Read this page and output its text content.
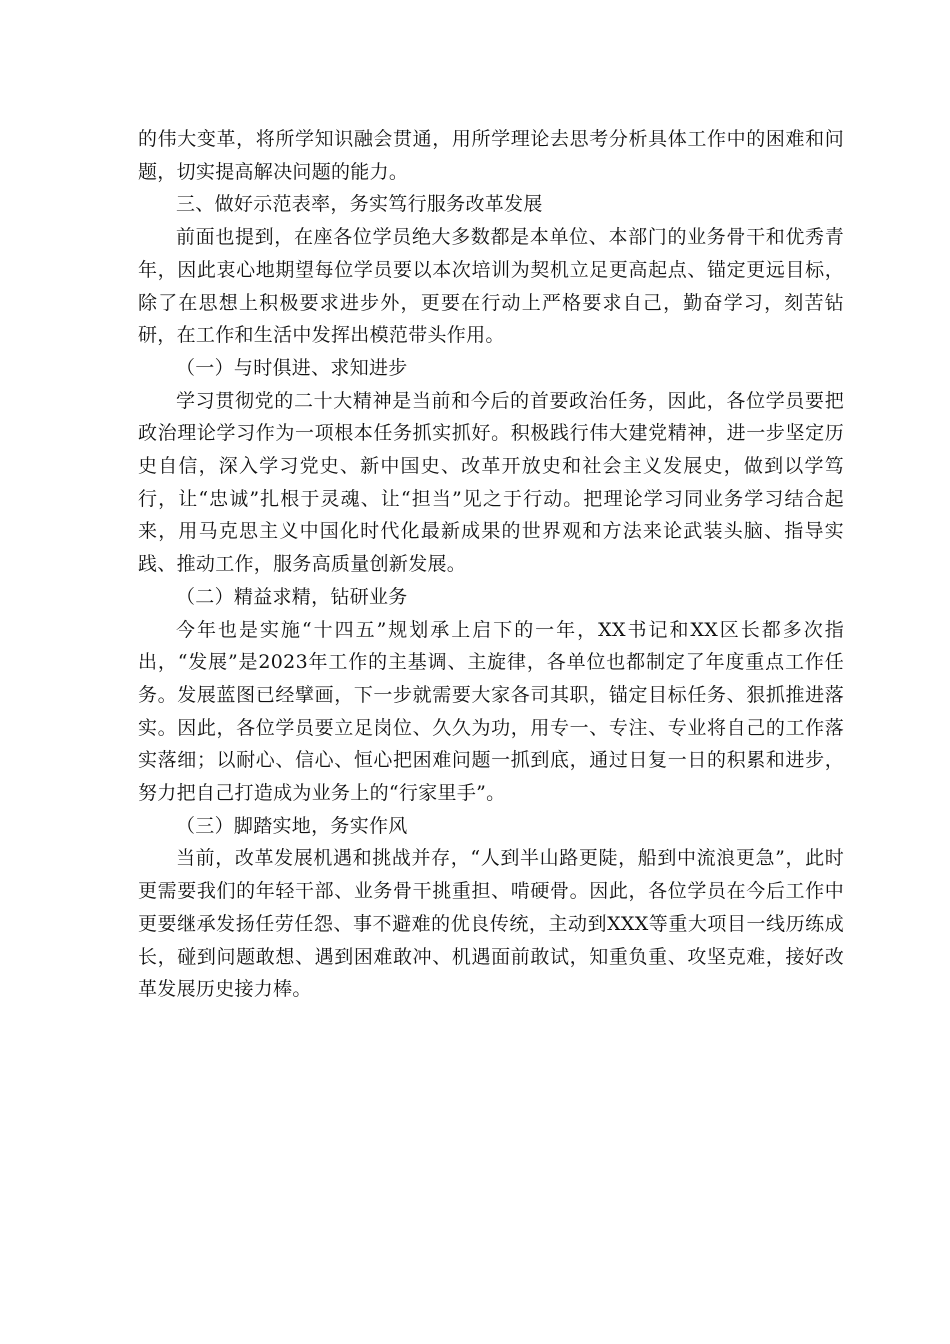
的伟大变革，将所学知识融会贯通，用所学理论去思考分析具体工作中的困难和问题，切实提高解决问题的能力。

三、做好示范表率，务实笃行服务改革发展

前面也提到，在座各位学员绝大多数都是本单位、本部门的业务骨干和优秀青年，因此衷心地期望每位学员要以本次培训为契机立足更高起点、锚定更远目标，除了在思想上积极要求进步外，更要在行动上严格要求自己，勤奋学习，刻苦钻研，在工作和生活中发挥出模范带头作用。

（一）与时俱进、求知进步

学习贯彻党的二十大精神是当前和今后的首要政治任务，因此，各位学员要把政治理论学习作为一项根本任务抓实抓好。积极践行伟大建党精神，进一步坚定历史自信，深入学习党史、新中国史、改革开放史和社会主义发展史，做到以学笃行，让“忠诚”扎根于灵魂、让“担当”见之于行动。把理论学习同业务学习结合起来，用马克思主义中国化时代化最新成果的世界观和方法来论武装头脑、指导实践、推动工作，服务高质量创新发展。

（二）精益求精，钻研业务

今年也是实施“十四五”规划承上启下的一年，XX书记和XX区长都多次指出，“发展”是2023年工作的主基调、主旋律，各单位也都制定了年度重点工作任务。发展蓝图已经擘画，下一步就需要大家各司其职，锚定目标任务、狠抓推进落实。因此，各位学员要立足岗位、久久为功，用专一、专注、专业将自己的工作落实落细；以耐心、信心、恒心把困难问题一抓到底，通过日复一日的积累和进步，努力把自己打造成为业务上的“行家里手”。

（三）脚踏实地，务实作风

当前，改革发展机遇和挑战并存，“人到半山路更陡，船到中流浪更急”，此时更需要我们的年轻干部、业务骨干挑重担、啃硬骨。因此，各位学员在今后工作中更要继承发扬任劳任怨、事不避难的优良传统，主动到XXX等重大项目一线历练成长，碰到问题敢想、遇到困难敢冲、机遇面前敢试，知重负重、攻坚克难，接好改革发展历史接力棒。
